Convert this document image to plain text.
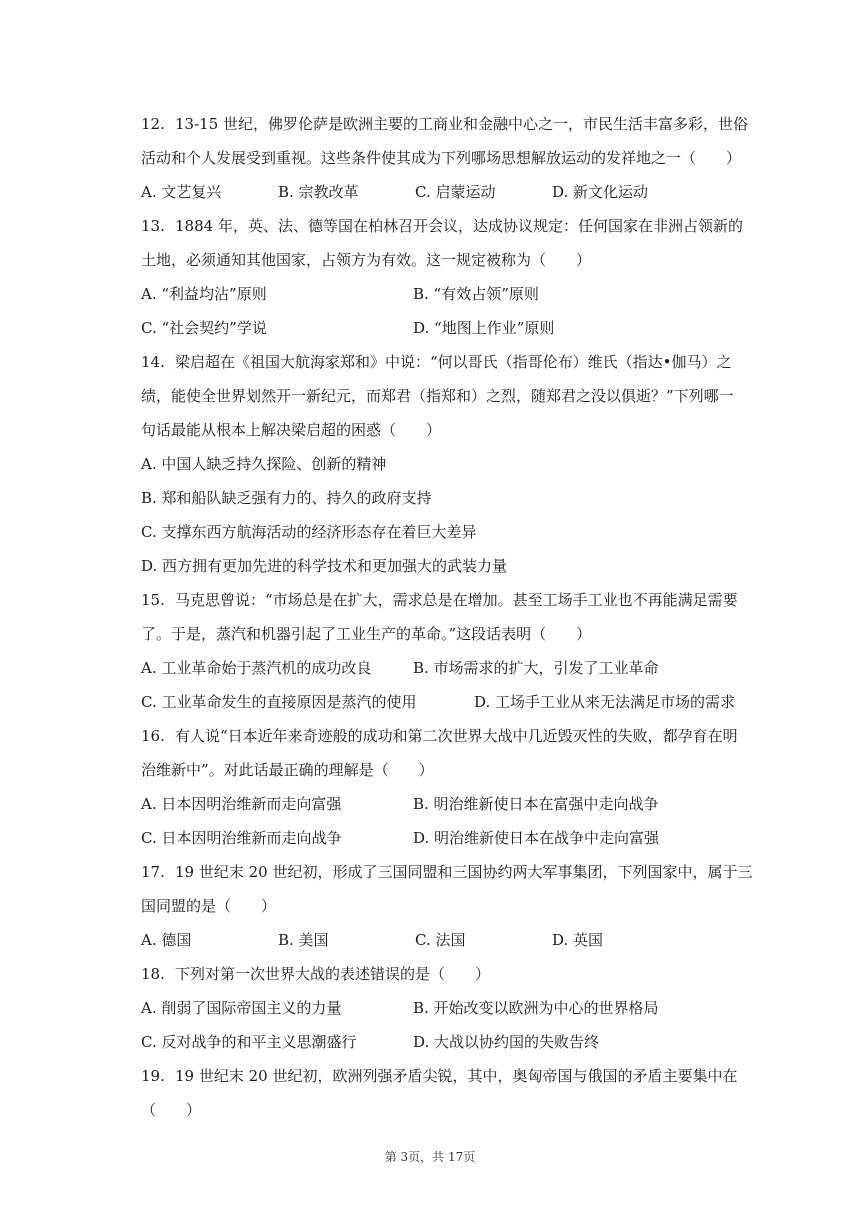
12. 13-15 世纪，佛罗伦萨是欧洲主要的工商业和金融中心之一，市民生活丰富多彩，世俗
活动和个人发展受到重视。这些条件使其成为下列哪场思想解放运动的发祥地之一（　　）
A. 文艺复兴	B. 宗教改革	C. 启蒙运动	D. 新文化运动
13. 1884 年，英、法、德等国在柏林召开会议，达成协议规定：任何国家在非洲占领新的
土地，必须通知其他国家，占领方为有效。这一规定被称为（　　）
A. “利益均沾”原则	B. “有效占领”原则
C. “社会契约”学说	D. “地图上作业”原则
14. 梁启超在《祖国大航海家郑和》中说：“何以哥氏（指哥伦布）维氏（指达•伽马）之
绩，能使全世界划然开一新纪元，而郑君（指郑和）之烈，随郑君之没以俱逝？”下列哪一
句话最能从根本上解决梁启超的困惑（　　）
A. 中国人缺乏持久探险、创新的精神
B. 郑和船队缺乏强有力的、持久的政府支持
C. 支撑东西方航海活动的经济形态存在着巨大差异
D. 西方拥有更加先进的科学技术和更加强大的武装力量
15. 马克思曾说：“市场总是在扩大，需求总是在增加。甚至工场手工业也不再能满足需要
了。于是，蒸汽和机器引起了工业生产的革命。”这段话表明（　　）
A. 工业革命始于蒸汽机的成功改良	B. 市场需求的扩大，引发了工业革命
C. 工业革命发生的直接原因是蒸汽的使用	D. 工场手工业从来无法满足市场的需求
16. 有人说“日本近年来奇迹般的成功和第二次世界大战中几近毁灭性的失败，都孕育在明
治维新中”。对此话最正确的理解是（　　）
A. 日本因明治维新而走向富强	B. 明治维新使日本在富强中走向战争
C. 日本因明治维新而走向战争	D. 明治维新使日本在战争中走向富强
17. 19 世纪末 20 世纪初，形成了三国同盟和三国协约两大军事集团，下列国家中，属于三
国同盟的是（　　）
A. 德国	B. 美国	C. 法国	D. 英国
18. 下列对第一次世界大战的表述错误的是（　　）
A. 削弱了国际帝国主义的力量	B. 开始改变以欧洲为中心的世界格局
C. 反对战争的和平主义思潮盛行	D. 大战以协约国的失败告终
19. 19 世纪末 20 世纪初，欧洲列强矛盾尖锐，其中，奥匈帝国与俄国的矛盾主要集中在
（　　）
第 3页，共 17页
